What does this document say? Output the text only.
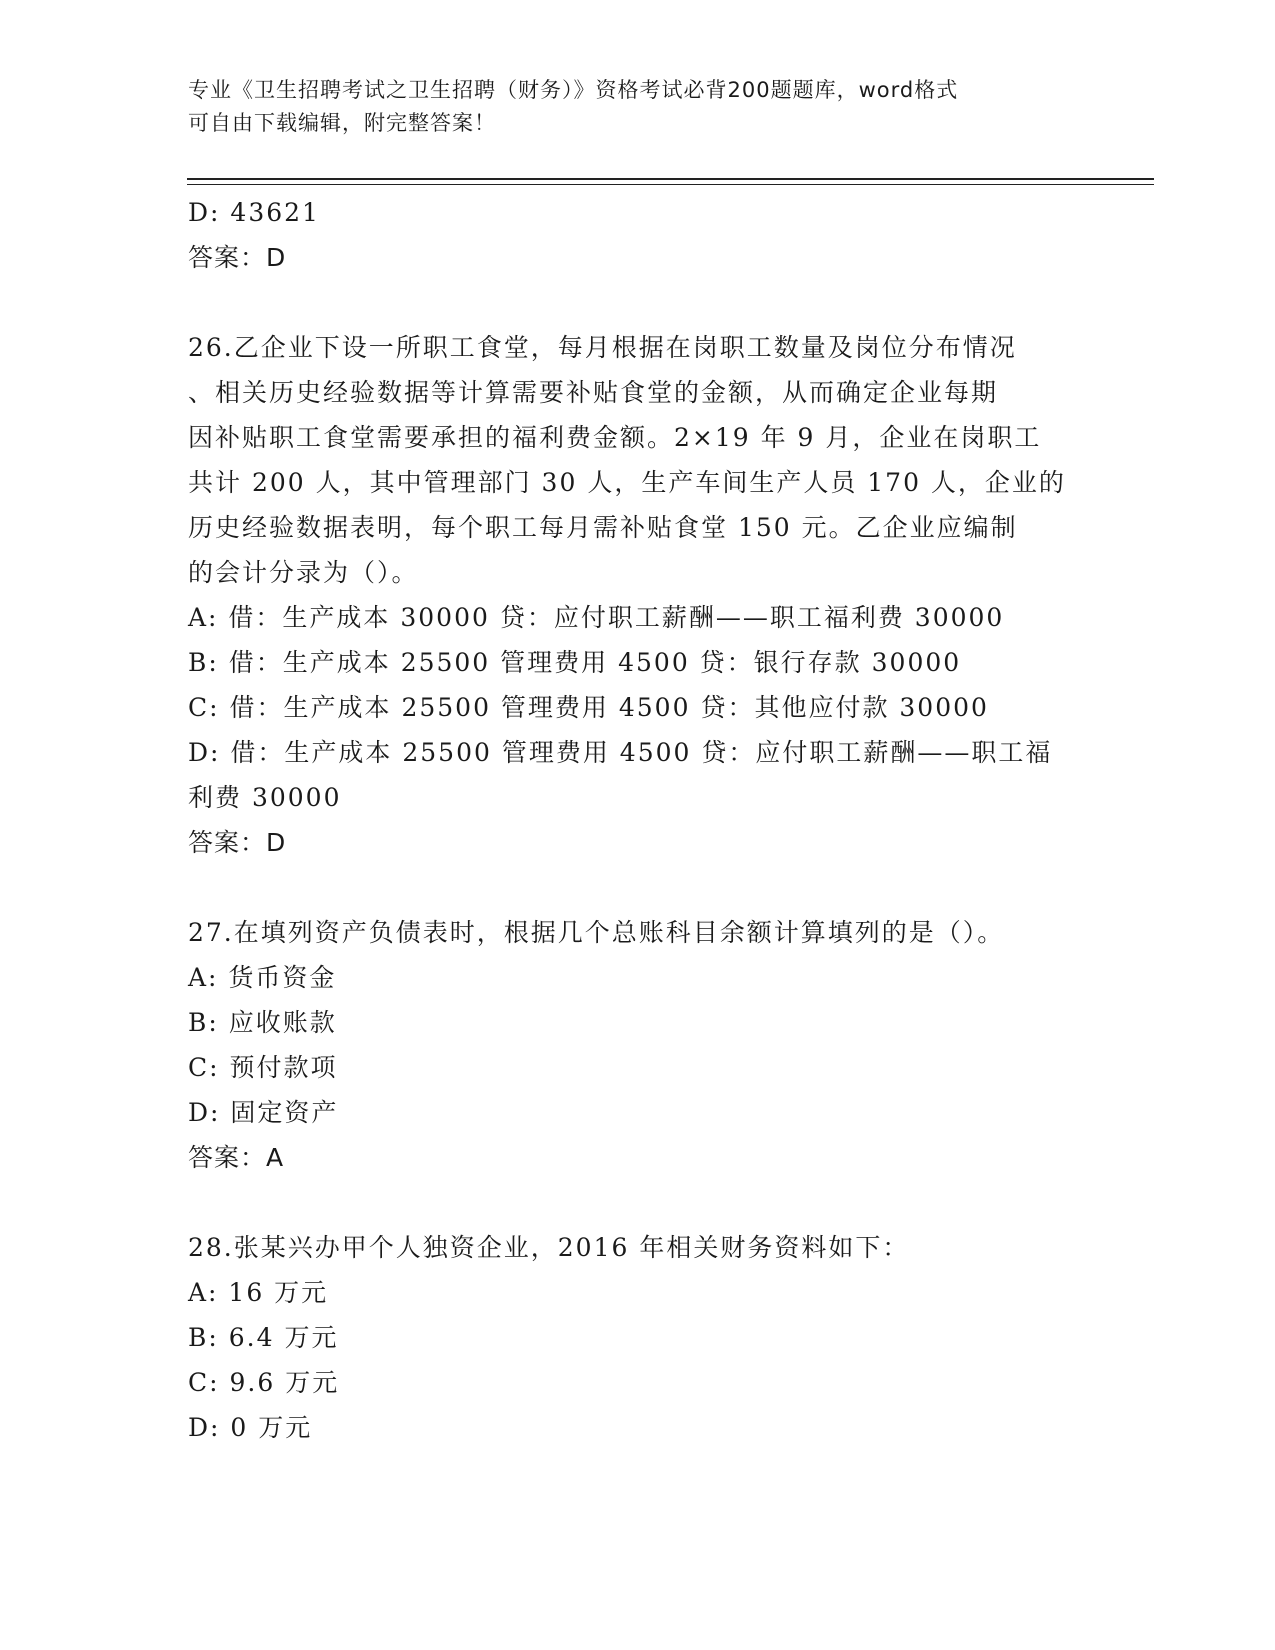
专业《卫生招聘考试之卫生招聘（财务）》资格考试必背200题题库，word格式
可自由下载编辑，附完整答案！
D: 43621
答案：D
26.乙企业下设一所职工食堂，每月根据在岗职工数量及岗位分布情况
、相关历史经验数据等计算需要补贴食堂的金额，从而确定企业每期
因补贴职工食堂需要承担的福利费金额。2×19 年 9 月，企业在岗职工
共计 200 人，其中管理部门 30 人，生产车间生产人员 170 人，企业的
历史经验数据表明，每个职工每月需补贴食堂 150 元。乙企业应编制
的会计分录为（）。
A: 借：生产成本 30000 贷：应付职工薪酬——职工福利费 30000
B: 借：生产成本 25500 管理费用 4500 贷：银行存款 30000
C: 借：生产成本 25500 管理费用 4500 贷：其他应付款 30000
D: 借：生产成本 25500 管理费用 4500 贷：应付职工薪酬——职工福
利费 30000
答案：D
27.在填列资产负债表时，根据几个总账科目余额计算填列的是（）。
A: 货币资金
B: 应收账款
C: 预付款项
D: 固定资产
答案：A
28.张某兴办甲个人独资企业，2016 年相关财务资料如下：
A: 16 万元
B: 6.4 万元
C: 9.6 万元
D: 0 万元
